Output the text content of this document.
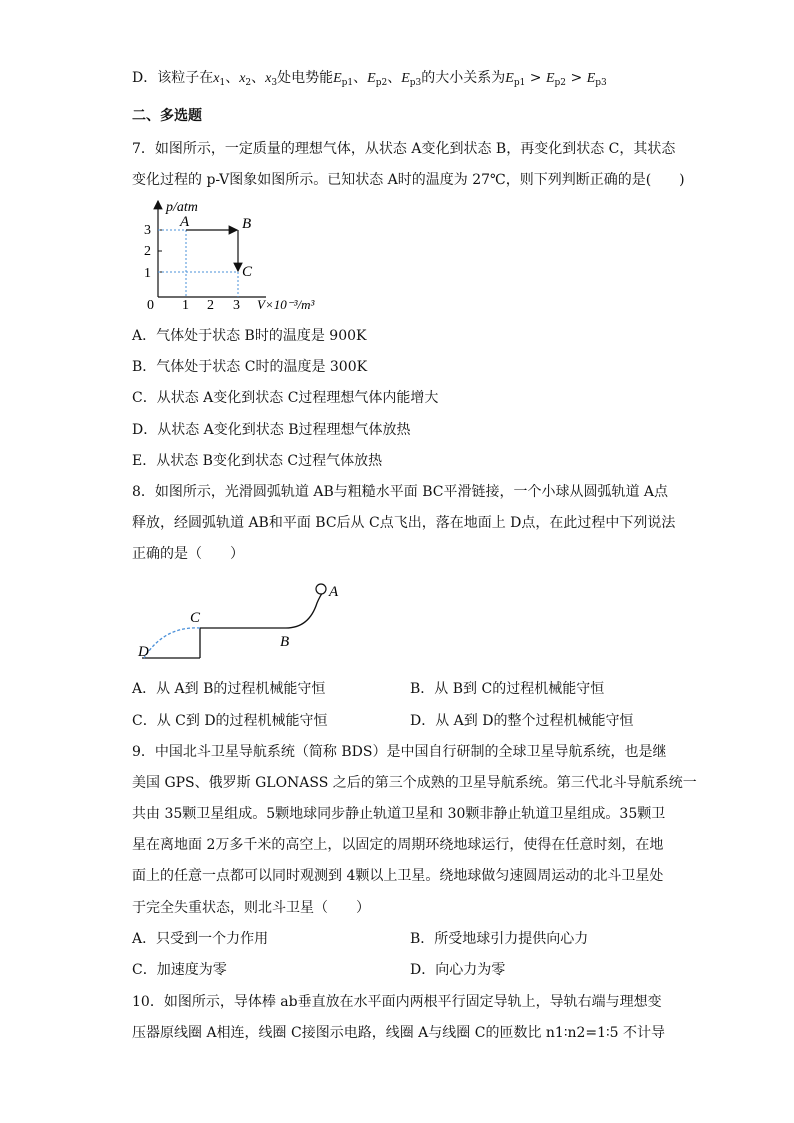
D．该粒子在$x_1$、$x_2$、$x_3$处电势能$E_{p1}$、$E_{p2}$、$E_{p3}$的大小关系为$E_{p1} > E_{p2} > E_{p3}$
二、多选题
7．如图所示，一定质量的理想气体，从状态 A变化到状态 B，再变化到状态 C，其状态
变化过程的 p-V图象如图所示。已知状态 A时的温度为 27℃，则下列判断正确的是(　　)
p/atm
V×10⁻³/m³
0
1
2
3
1 2 3
A	B
C
A．气体处于状态 B时的温度是 900K
B．气体处于状态 C时的温度是 300K
C．从状态 A变化到状态 C过程理想气体内能增大
D．从状态 A变化到状态 B过程理想气体放热
E．从状态 B变化到状态 C过程气体放热
8．如图所示，光滑圆弧轨道 AB与粗糙水平面 BC平滑链接，一个小球从圆弧轨道 A点
释放，经圆弧轨道 AB和平面 BC后从 C点飞出，落在地面上 D点，在此过程中下列说法
正确的是（　　）
A
B
C
D
A．从 A到 B的过程机械能守恒	B．从 B到 C的过程机械能守恒
C．从 C到 D的过程机械能守恒	D．从 A到 D的整个过程机械能守恒
9．中国北斗卫星导航系统（简称 BDS）是中国自行研制的全球卫星导航系统，也是继
美国 GPS、俄罗斯 GLONASS 之后的第三个成熟的卫星导航系统。第三代北斗导航系统一
共由 35颗卫星组成。5颗地球同步静止轨道卫星和 30颗非静止轨道卫星组成。35颗卫
星在离地面 2万多千米的高空上，以固定的周期环绕地球运行，使得在任意时刻，在地
面上的任意一点都可以同时观测到 4颗以上卫星。绕地球做匀速圆周运动的北斗卫星处
于完全失重状态，则北斗卫星（　　）
A．只受到一个力作用	B．所受地球引力提供向心力
C．加速度为零	D．向心力为零
10．如图所示，导体棒 ab垂直放在水平面内两根平行固定导轨上，导轨右端与理想变
压器原线圈 A相连，线圈 C接图示电路，线圈 A与线圈 C的匝数比 n1∶n2=1∶5 不计导
